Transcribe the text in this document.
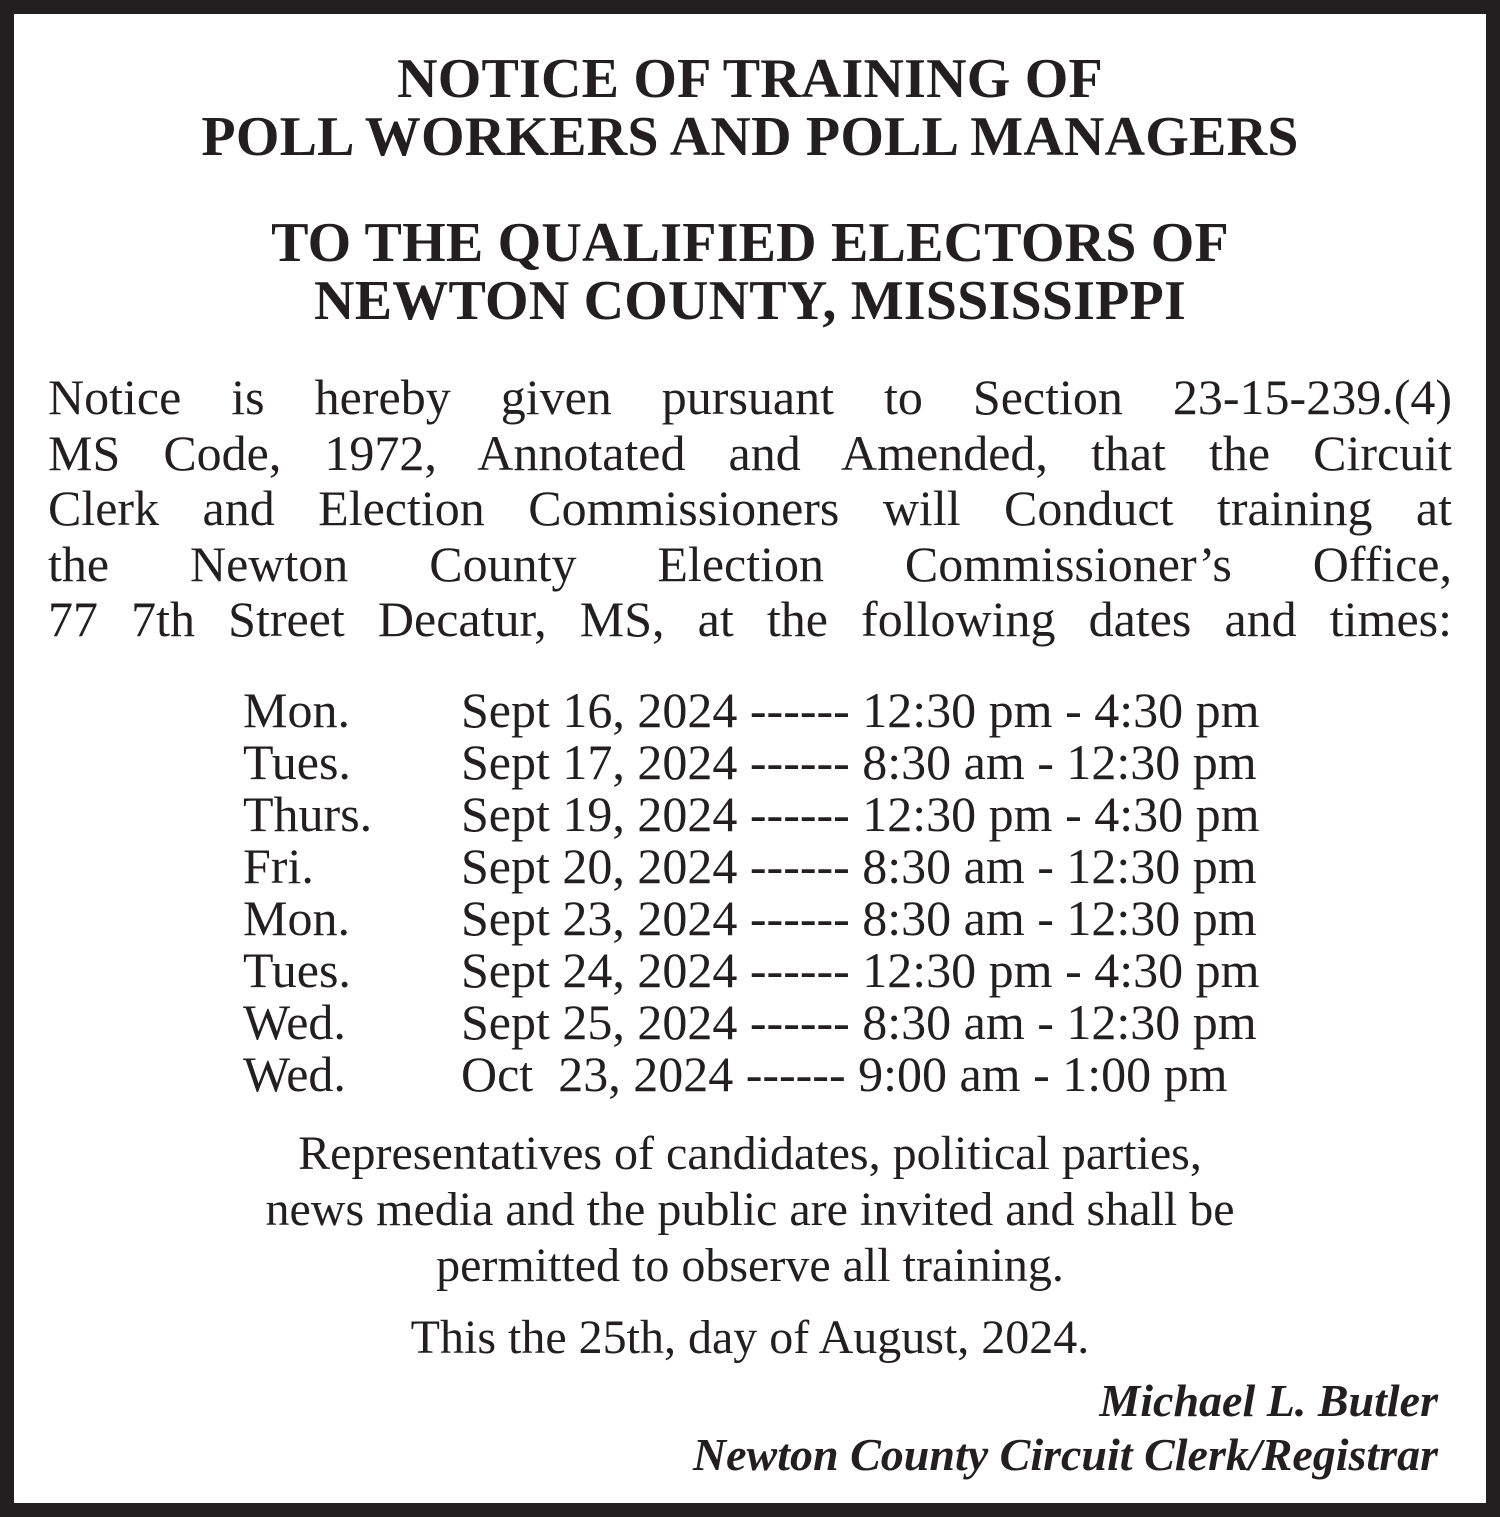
NOTICE OF TRAINING OF
POLL WORKERS AND POLL MANAGERS
TO THE QUALIFIED ELECTORS OF
NEWTON COUNTY, MISSISSIPPI
Notice is hereby given pursuant to Section 23-15-239.(4)
MS Code, 1972, Annotated and Amended, that the Circuit
Clerk and Election Commissioners will Conduct training at
the Newton County Election Commissioner’s Office,
77 7th Street Decatur, MS, at the following dates and times:
Mon.	Sept 16, 2024 ------ 12:30 pm - 4:30 pm
Tues.	Sept 17, 2024 ------ 8:30 am - 12:30 pm
Thurs.	Sept 19, 2024 ------ 12:30 pm - 4:30 pm
Fri.	Sept 20, 2024 ------ 8:30 am - 12:30 pm
Mon.	Sept 23, 2024 ------ 8:30 am - 12:30 pm
Tues.	Sept 24, 2024 ------ 12:30 pm - 4:30 pm
Wed.	Sept 25, 2024 ------ 8:30 am - 12:30 pm
Wed.	Oct  23, 2024 ------ 9:00 am - 1:00 pm
Representatives of candidates, political parties,
news media and the public are invited and shall be
permitted to observe all training.
This the 25th, day of August, 2024.
Michael L. Butler
Newton County Circuit Clerk/Registrar
